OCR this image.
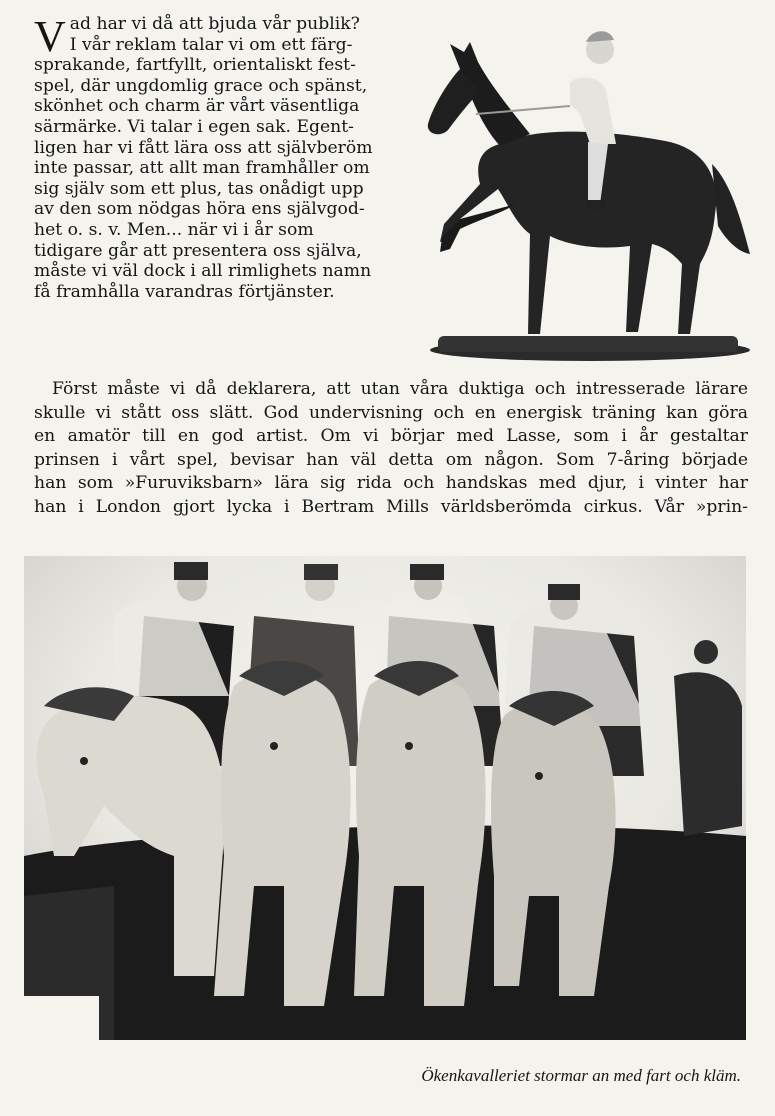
V ad har vi då att bjuda vår publik?
I vår reklam talar vi om ett färg-
sprakande, fartfyllt, orientaliskt fest-
spel, där ungdomlig grace och spänst,
skönhet och charm är vårt väsentliga
särmärke. Vi talar i egen sak. Egent-
ligen har vi fått lära oss att självberöm
inte passar, att allt man framhåller om
sig själv som ett plus, tas onådigt upp
av den som nödgas höra ens självgod-
het o. s. v. Men... när vi i år som
tidigare går att presentera oss själva,
måste vi väl dock i all rimlighets namn
få framhålla varandras förtjänster.
Först måste vi då deklarera, att utan våra duktiga och intresserade lärare
skulle vi stått oss slätt. God undervisning och en energisk träning kan göra
en amatör till en god artist. Om vi börjar med Lasse, som i år gestaltar
prinsen i vårt spel, bevisar han väl detta om någon. Som 7-åring började
han som »Furuviksbarn» lära sig rida och handskas med djur, i vinter har
han i London gjort lycka i Bertram Mills världsberömda cirkus. Vår »prin-
Ökenkavalleriet stormar an med fart och kläm.
